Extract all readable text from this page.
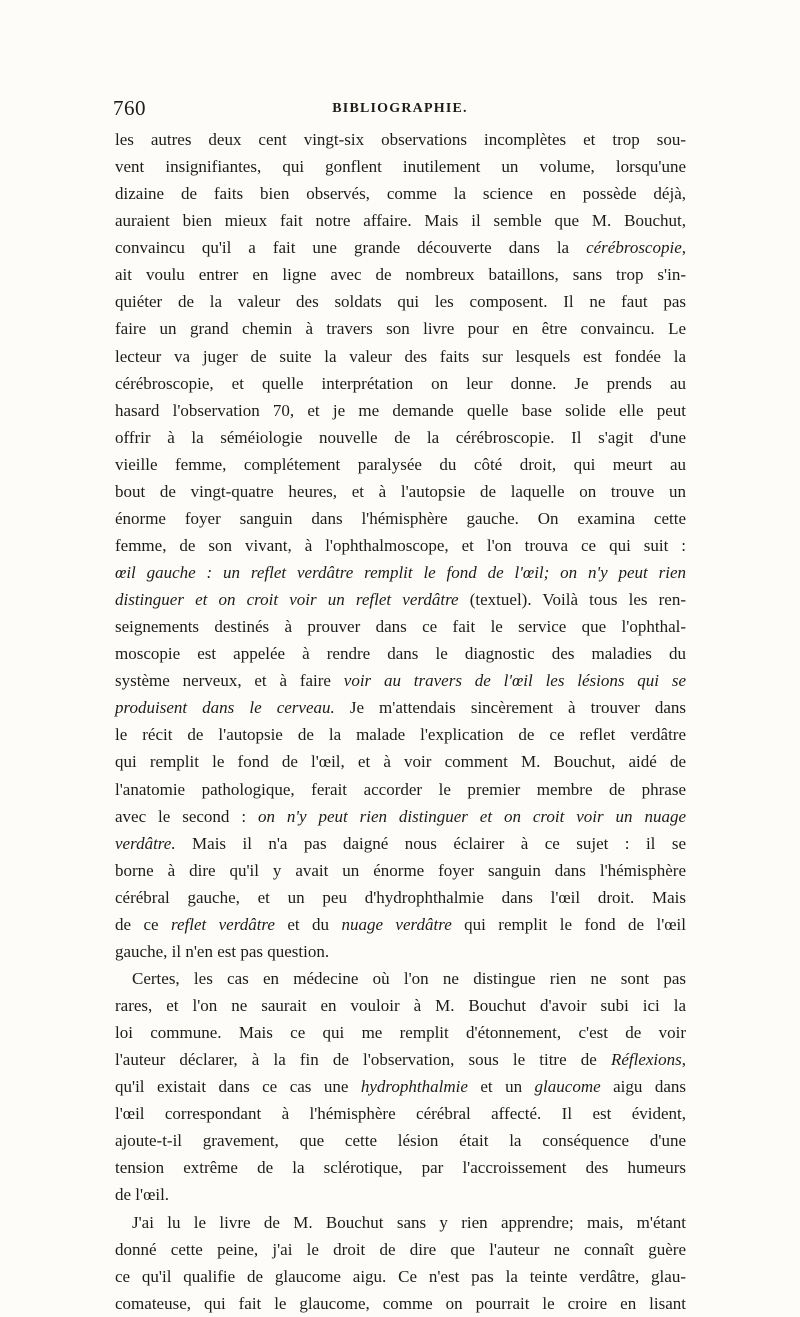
760	BIBLIOGRAPHIE.
les autres deux cent vingt-six observations incomplètes et trop sou-
vent insignifiantes, qui gonflent inutilement un volume, lorsqu'une
dizaine de faits bien observés, comme la science en possède déjà,
auraient bien mieux fait notre affaire. Mais il semble que M. Bouchut,
convaincu qu'il a fait une grande découverte dans la cérébroscopie,
ait voulu entrer en ligne avec de nombreux bataillons, sans trop s'in-
quiéter de la valeur des soldats qui les composent. Il ne faut pas
faire un grand chemin à travers son livre pour en être convaincu. Le
lecteur va juger de suite la valeur des faits sur lesquels est fondée la
cérébroscopie, et quelle interprétation on leur donne. Je prends au
hasard l'observation 70, et je me demande quelle base solide elle peut
offrir à la séméiologie nouvelle de la cérébroscopie. Il s'agit d'une
vieille femme, complétement paralysée du côté droit, qui meurt au
bout de vingt-quatre heures, et à l'autopsie de laquelle on trouve un
énorme foyer sanguin dans l'hémisphère gauche. On examina cette
femme, de son vivant, à l'ophthalmoscope, et l'on trouva ce qui suit :
œil gauche : un reflet verdâtre remplit le fond de l'œil; on n'y peut rien
distinguer et on croit voir un reflet verdâtre (textuel). Voilà tous les ren-
seignements destinés à prouver dans ce fait le service que l'ophthal-
moscopie est appelée à rendre dans le diagnostic des maladies du
système nerveux, et à faire voir au travers de l'œil les lésions qui se
produisent dans le cerveau. Je m'attendais sincèrement à trouver dans
le récit de l'autopsie de la malade l'explication de ce reflet verdâtre
qui remplit le fond de l'œil, et à voir comment M. Bouchut, aidé de
l'anatomie pathologique, ferait accorder le premier membre de phrase
avec le second : on n'y peut rien distinguer et on croit voir un nuage
verdâtre. Mais il n'a pas daigné nous éclairer à ce sujet : il se
borne à dire qu'il y avait un énorme foyer sanguin dans l'hémisphère
cérébral gauche, et un peu d'hydrophthalmie dans l'œil droit. Mais
de ce reflet verdâtre et du nuage verdâtre qui remplit le fond de l'œil
gauche, il n'en est pas question.
Certes, les cas en médecine où l'on ne distingue rien ne sont pas
rares, et l'on ne saurait en vouloir à M. Bouchut d'avoir subi ici la
loi commune. Mais ce qui me remplit d'étonnement, c'est de voir
l'auteur déclarer, à la fin de l'observation, sous le titre de Réflexions,
qu'il existait dans ce cas une hydrophthalmie et un glaucome aigu dans
l'œil correspondant à l'hémisphère cérébral affecté. Il est évident,
ajoute-t-il gravement, que cette lésion était la conséquence d'une
tension extrême de la sclérotique, par l'accroissement des humeurs
de l'œil.
J'ai lu le livre de M. Bouchut sans y rien apprendre; mais, m'étant
donné cette peine, j'ai le droit de dire que l'auteur ne connaît guère
ce qu'il qualifie de glaucome aigu. Ce n'est pas la teinte verdâtre, glau-
comateuse, qui fait le glaucome, comme on pourrait le croire en lisant
